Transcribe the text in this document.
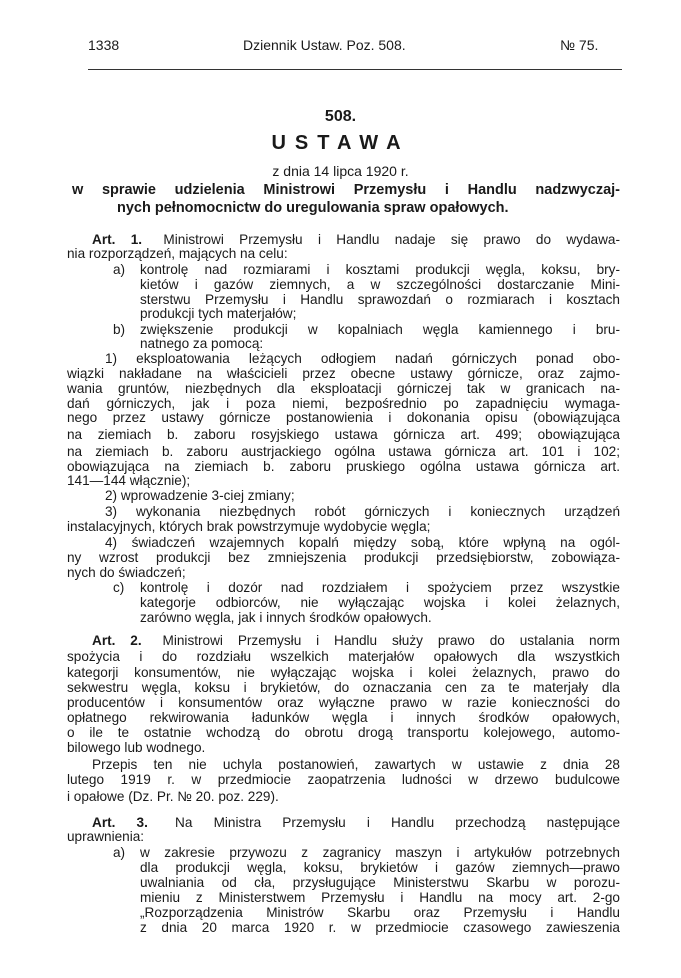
1338	Dziennik Ustaw. Poz. 508.	№ 75.
508.
USTAWA
z dnia 14 lipca 1920 r.
w sprawie udzielenia Ministrowi Przemysłu i Handlu nadzwyczaj-
nych pełnomocnictw do uregulowania spraw opałowych.
Art. 1. Ministrowi Przemysłu i Handlu nadaje się prawo do wydawa-
nia rozporządzeń, mających na celu:
a) kontrolę nad rozmiarami i kosztami produkcji węgla, koksu, bry-
kietów i gazów ziemnych, a w szczególności dostarczanie Mini-
sterstwu Przemysłu i Handlu sprawozdań o rozmiarach i kosztach
produkcji tych materjałów;
b) zwiększenie produkcji w kopalniach węgla kamiennego i bru-
natnego za pomocą:
1) eksploatowania leżących odłogiem nadań górniczych ponad obo-
wiązki nakładane na właścicieli przez obecne ustawy górnicze, oraz zajmo-
wania gruntów, niezbędnych dla eksploatacji górniczej tak w granicach na-
dań górniczych, jak i poza niemi, bezpośrednio po zapadnięciu wymaga-
nego przez ustawy górnicze postanowienia i dokonania opisu (obowiązująca
na ziemiach b. zaboru rosyjskiego ustawa górnicza art. 499; obowiązująca
na ziemiach b. zaboru austrjackiego ogólna ustawa górnicza art. 101 i 102;
obowiązująca na ziemiach b. zaboru pruskiego ogólna ustawa górnicza art.
141—144 włącznie);
2) wprowadzenie 3-ciej zmiany;
3) wykonania niezbędnych robót górniczych i koniecznych urządzeń
instalacyjnych, których brak powstrzymuje wydobycie węgla;
4) świadczeń wzajemnych kopalń między sobą, które wpłyną na ogól-
ny wzrost produkcji bez zmniejszenia produkcji przedsiębiorstw, zobowiąza-
nych do świadczeń;
c) kontrolę i dozór nad rozdziałem i spożyciem przez wszystkie
kategorje odbiorców, nie wyłączając wojska i kolei żelaznych,
zarówno węgla, jak i innych środków opałowych.
Art. 2. Ministrowi Przemysłu i Handlu służy prawo do ustalania norm
spożycia i do rozdziału wszelkich materjałów opałowych dla wszystkich
kategorji konsumentów, nie wyłączając wojska i kolei żelaznych, prawo do
sekwestru węgla, koksu i brykietów, do oznaczania cen za te materjały dla
producentów i konsumentów oraz wyłączne prawo w razie konieczności do
opłatnego rekwirowania ładunków węgla i innych środków opałowych,
o ile te ostatnie wchodzą do obrotu drogą transportu kolejowego, automo-
bilowego lub wodnego.
Przepis ten nie uchyla postanowień, zawartych w ustawie z dnia 28
lutego 1919 r. w przedmiocie zaopatrzenia ludności w drzewo budulcowe
i opałowe (Dz. Pr. № 20. poz. 229).
Art. 3. Na Ministra Przemysłu i Handlu przechodzą następujące
uprawnienia:
a) w zakresie przywozu z zagranicy maszyn i artykułów potrzebnych
dla produkcji węgla, koksu, brykietów i gazów ziemnych—prawo
uwalniania od cła, przysługujące Ministerstwu Skarbu w porozu-
mieniu z Ministerstwem Przemysłu i Handlu na mocy art. 2-go
„Rozporządzenia Ministrów Skarbu oraz Przemysłu i Handlu
z dnia 20 marca 1920 r. w przedmiocie czasowego zawieszenia
